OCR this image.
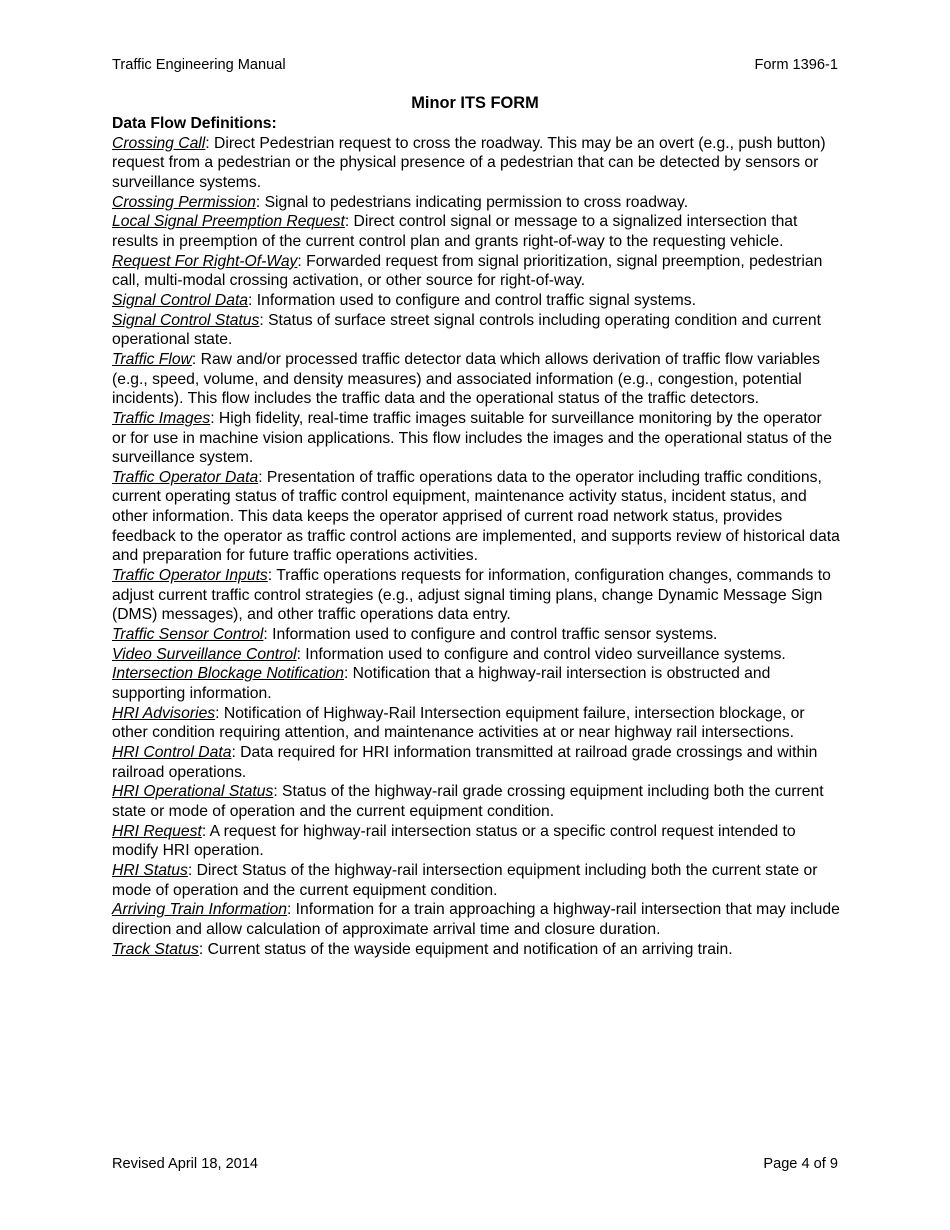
Traffic Engineering Manual	Form 1396-1
Minor ITS FORM
Data Flow Definitions:

Crossing Call: Direct Pedestrian request to cross the roadway. This may be an overt (e.g., push button) request from a pedestrian or the physical presence of a pedestrian that can be detected by sensors or surveillance systems.

Crossing Permission: Signal to pedestrians indicating permission to cross roadway.

Local Signal Preemption Request: Direct control signal or message to a signalized intersection that results in preemption of the current control plan and grants right-of-way to the requesting vehicle.

Request For Right-Of-Way: Forwarded request from signal prioritization, signal preemption, pedestrian call, multi-modal crossing activation, or other source for right-of-way.

Signal Control Data: Information used to configure and control traffic signal systems.

Signal Control Status: Status of surface street signal controls including operating condition and current operational state.

Traffic Flow: Raw and/or processed traffic detector data which allows derivation of traffic flow variables (e.g., speed, volume, and density measures) and associated information (e.g., congestion, potential incidents). This flow includes the traffic data and the operational status of the traffic detectors.

Traffic Images: High fidelity, real-time traffic images suitable for surveillance monitoring by the operator or for use in machine vision applications. This flow includes the images and the operational status of the surveillance system.

Traffic Operator Data: Presentation of traffic operations data to the operator including traffic conditions, current operating status of traffic control equipment, maintenance activity status, incident status, and other information. This data keeps the operator apprised of current road network status, provides feedback to the operator as traffic control actions are implemented, and supports review of historical data and preparation for future traffic operations activities.

Traffic Operator Inputs: Traffic operations requests for information, configuration changes, commands to adjust current traffic control strategies (e.g., adjust signal timing plans, change Dynamic Message Sign (DMS) messages), and other traffic operations data entry.

Traffic Sensor Control: Information used to configure and control traffic sensor systems.

Video Surveillance Control: Information used to configure and control video surveillance systems.

Intersection Blockage Notification: Notification that a highway-rail intersection is obstructed and supporting information.

HRI Advisories: Notification of Highway-Rail Intersection equipment failure, intersection blockage, or other condition requiring attention, and maintenance activities at or near highway rail intersections.

HRI Control Data: Data required for HRI information transmitted at railroad grade crossings and within railroad operations.

HRI Operational Status: Status of the highway-rail grade crossing equipment including both the current state or mode of operation and the current equipment condition.

HRI Request: A request for highway-rail intersection status or a specific control request intended to modify HRI operation.

HRI Status: Direct Status of the highway-rail intersection equipment including both the current state or mode of operation and the current equipment condition.

Arriving Train Information: Information for a train approaching a highway-rail intersection that may include direction and allow calculation of approximate arrival time and closure duration.

Track Status: Current status of the wayside equipment and notification of an arriving train.

Revised April 18, 2014	Page 4 of 9
